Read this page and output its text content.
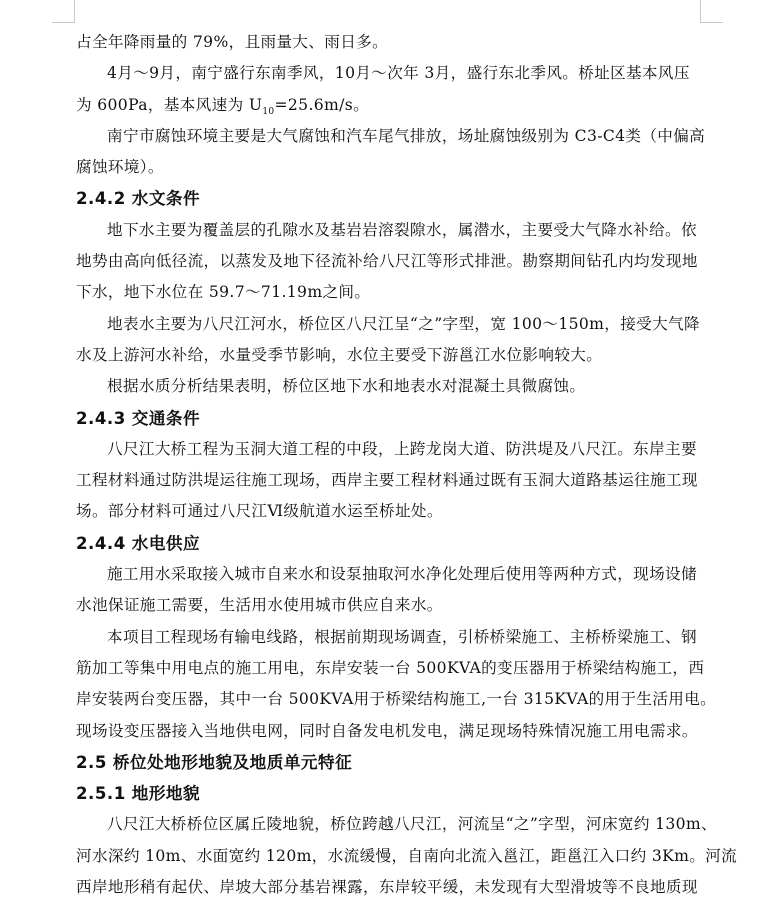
占全年降雨量的 79%，且雨量大、雨日多。
4月～9月，南宁盛行东南季风，10月～次年 3月，盛行东北季风。桥址区基本风压
为 600Pa，基本风速为 $U_{10}=25.6m/s$。
南宁市腐蚀环境主要是大气腐蚀和汽车尾气排放，场址腐蚀级别为 C3-C4类（中偏高
腐蚀环境）。
2.4.2 水文条件
地下水主要为覆盖层的孔隙水及基岩岩溶裂隙水，属潜水，主要受大气降水补给。依
地势由高向低径流，以蒸发及地下径流补给八尺江等形式排泄。勘察期间钻孔内均发现地
下水，地下水位在 59.7～71.19m之间。
地表水主要为八尺江河水，桥位区八尺江呈“之”字型，宽 100～150m，接受大气降
水及上游河水补给，水量受季节影响，水位主要受下游邕江水位影响较大。
根据水质分析结果表明，桥位区地下水和地表水对混凝土具微腐蚀。
2.4.3 交通条件
八尺江大桥工程为玉洞大道工程的中段，上跨龙岗大道、防洪堤及八尺江。东岸主要
工程材料通过防洪堤运往施工现场，西岸主要工程材料通过既有玉洞大道路基运往施工现
场。部分材料可通过八尺江Ⅵ级航道水运至桥址处。
2.4.4 水电供应
施工用水采取接入城市自来水和设泵抽取河水净化处理后使用等两种方式，现场设储
水池保证施工需要，生活用水使用城市供应自来水。
本项目工程现场有输电线路，根据前期现场调查，引桥桥梁施工、主桥桥梁施工、钢
筋加工等集中用电点的施工用电，东岸安装一台 500KVA的变压器用于桥梁结构施工，西
岸安装两台变压器，其中一台 500KVA用于桥梁结构施工,一台 315KVA的用于生活用电。
现场设变压器接入当地供电网，同时自备发电机发电，满足现场特殊情况施工用电需求。
2.5 桥位处地形地貌及地质单元特征
2.5.1 地形地貌
八尺江大桥桥位区属丘陵地貌，桥位跨越八尺江，河流呈“之”字型，河床宽约 130m、
河水深约 10m、水面宽约 120m，水流缓慢，自南向北流入邕江，距邕江入口约 3Km。河流
西岸地形稍有起伏、岸坡大部分基岩裸露，东岸较平缓，未发现有大型滑坡等不良地质现
